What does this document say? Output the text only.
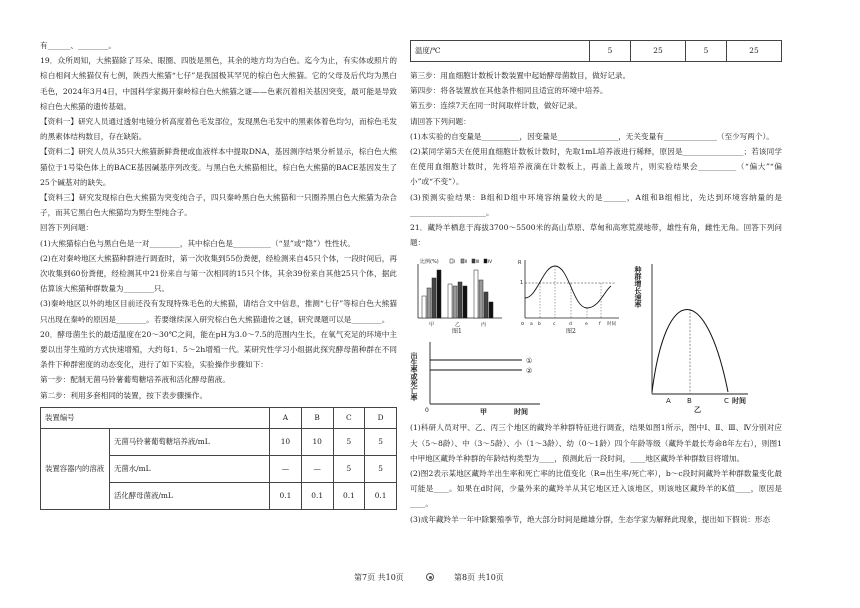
有______、________。

19．众所周知，大熊猫除了耳朵、眼圈、四肢是黑色，其余的地方均为白色。迄今为止，有实体或照片的棕白相间大熊猫仅有七例，陕西大熊猫“七仔”是我国极其罕见的棕白色大熊猫。它的父母及后代均为黑白毛色，2024年3月4日，中国科学家揭开秦岭棕白色大熊猫之谜——色素沉着相关基因突变，最可能是导致棕白色大熊猫的遗传基础。

【资料一】研究人员通过透射电镜分析高度着色毛发部位，发现黑色毛发中的黑素体着色均匀，而棕色毛发的黑素体结构数目，存在缺陷。

【资料二】研究人员从35只大熊猫新鲜粪便或血液样本中提取DNA，基因测序结果分析显示，棕白色大熊猫位于1号染色体上的BACE基因碱基序列改变。与黑白色大熊猫相比，棕白色大熊猫的BACE基因发生了25个碱基对的缺失。

【资料三】研究发现棕白色大熊猫为突变纯合子，四只秦岭黑白色大熊猫和一只圈养黑白色大熊猫为杂合子，而其它黑白色大熊猫均为野生型纯合子。

回答下列问题：

(1)大熊猫棕白色与黑白色是一对________，其中棕白色是__________（“显”或“隐”）性性状。

(2)在对秦岭地区大熊猫种群进行调查时，第一次收集到55份粪便，经检测来自45只个体，一段时间后，再次收集到60份粪便，经检测其中21份来自与第一次相同的15只个体，其余39份来自其他25只个体，据此估算该大熊猫种群数量为________只。

(3)秦岭地区以外的地区目前还没有发现特殊毛色的大熊猫，请结合文中信息，推测“七仔”等棕白色大熊猫只出现在秦岭的原因是________。若要继续深入研究棕白色大熊猫遗传之谜，研究课题可以是________。

20．酵母菌生长的最适温度在20～30℃之间，能在pH为3.0～7.5的范围内生长，在氧气充足的环境中主要以出芽生殖的方式快速增殖，大约每1．5～2h增殖一代。某研究性学习小组据此探究酵母菌种群在不同条件下种群密度的动态变化，进行了如下实验，实验操作步骤如下：

第一步：配制无菌马铃薯葡萄糖培养液和活化酵母菌液。

第二步：利用多套相同的装置，按下表步骤操作。

装置编号		A	B	C	D
装置容器内的溶液	无菌马铃薯葡萄糖培养液/mL	10	10	5	5
	无菌水/mL	—	—	5	5
	活化酵母菌液/mL	0.1	0.1	0.1	0.1
温度/℃	5	25	5	25

第三步：用血细胞计数板计数装置中起始酵母菌数目，做好记录。

第四步：将各装置放在其他条件相同且适宜的环境中培养。

第五步：连续7天在同一时间取样计数，做好记录。

请回答下列问题：

(1)本实验的自变量是__________，因变量是________________，无关变量有______________（至少写两个）。

(2)某同学第5天在使用血细胞计数板计数时，先取1mL培养液进行稀释，原因是________________；若该同学在使用血细胞计数时，先将培养液滴在计数板上，再盖上盖玻片，则实验结果会__________（“偏大”“偏小”或“不变”）。

(3)预测实验结果：B组和D组中环境容纳量较大的是______，A组和B组相比，先达到环境容纳量的是____________________。

21．藏羚羊栖息于海拔3700～5500米的高山草原、草甸和高寒荒漠地带，雄性有角，雌性无角。回答下列问题：

比例(%)	Ⅰ Ⅱ Ⅲ Ⅳ
甲	乙	丙
图1
R
1
o a b	c	d	e f 时间
图2
出生率或死亡率	①
②
0	甲	时间
种群增长速率
A B	C 时间
乙

(1)科研人员对甲、乙、丙三个地区的藏羚羊种群特征进行调查，结果如图1所示，图中Ⅰ、Ⅱ、Ⅲ、Ⅳ分别对应大（5～8龄）、中（3～5龄）、小（1～3龄）、幼（0～1龄）四个年龄等级（藏羚羊最长寿命8年左右），则图1中甲地区藏羚羊种群的年龄结构类型为____，预测此后一段时间，____地区藏羚羊种群数目将增加。

(2)图2表示某地区藏羚羊出生率和死亡率的比值变化（R=出生率/死亡率），b～c段时间藏羚羊种群数量变化最可能是____。如果在d时间，少量外来的藏羚羊从其它地区迁入该地区，则该地区藏羚羊的K值____，原因是____。

(3)成年藏羚羊一年中除繁殖季节，绝大部分时间是雌雄分群，生态学家为解释此现象，提出如下假说：形态

第7页 共10页	第8页 共10页
